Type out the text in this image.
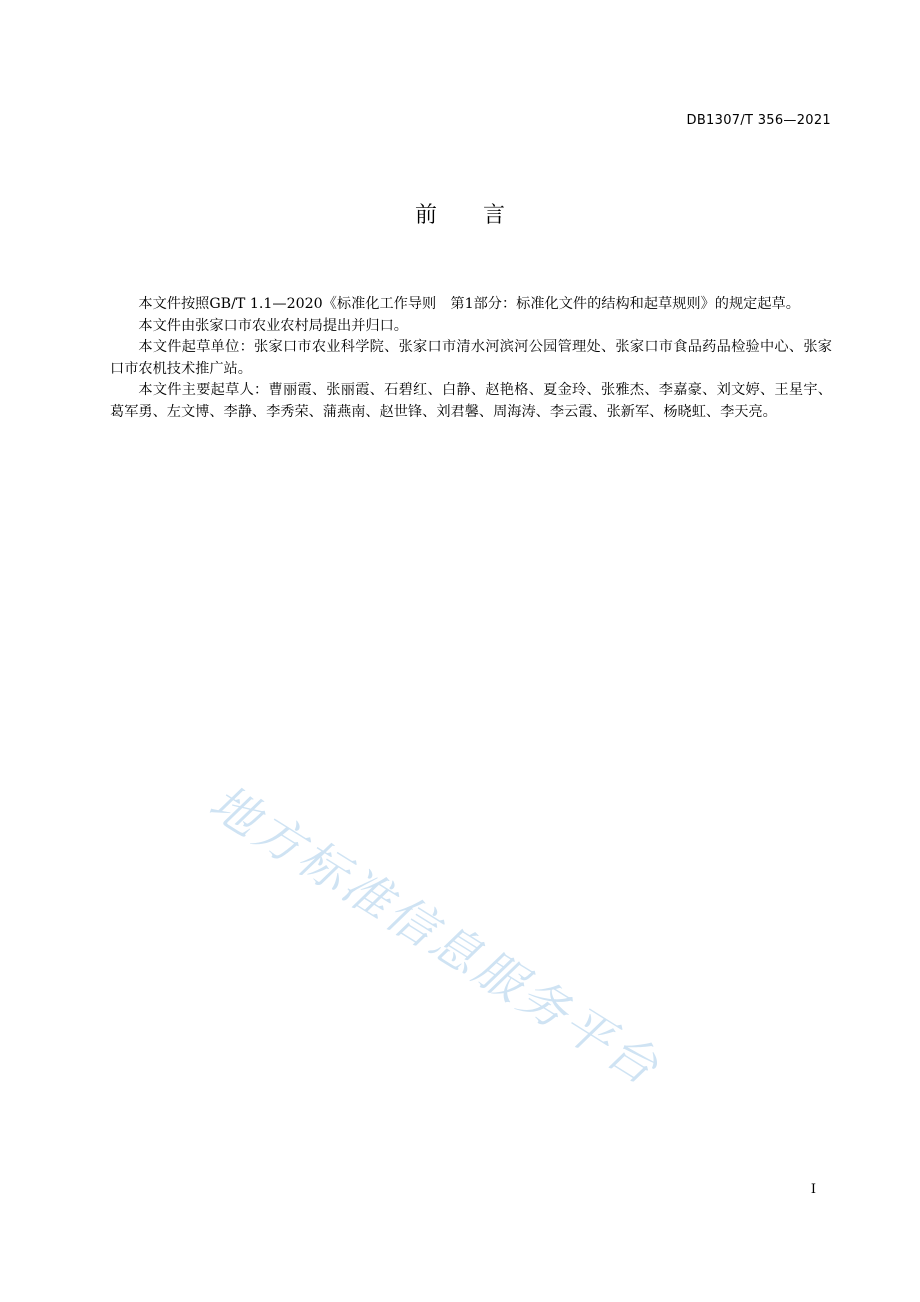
DB1307/T 356—2021
前言

本文件按照GB/T 1.1—2020《标准化工作导则　第1部分：标准化文件的结构和起草规则》的规定起草。

本文件由张家口市农业农村局提出并归口。

本文件起草单位：张家口市农业科学院、张家口市清水河滨河公园管理处、张家口市食品药品检验中心、张家口市农机技术推广站。

本文件主要起草人：曹丽霞、张丽霞、石碧红、白静、赵艳格、夏金玲、张雅杰、李嘉豪、刘文婷、王星宇、葛军勇、左文博、李静、李秀荣、蒲燕南、赵世锋、刘君馨、周海涛、李云霞、张新军、杨晓虹、李天亮。

地方标准信息服务平台
I
